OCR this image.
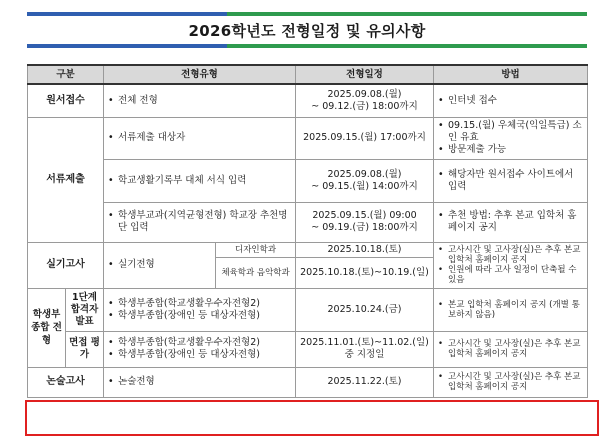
2026학년도 전형일정 및 유의사항
구분		전형유형		전형일정	방법
원서접수		• 전체 전형		2025.09.08.(월)
~ 09.12.(금) 18:00까지	• 인터넷 접수

서류제출		• 서류제출 대상자		2025.09.15.(월) 17:00까지	• 09.15.(월) 우체국(익일특급) 소인 유효
• 방문제출 가능

		• 학교생활기록부 대체 서식 입력		2025.09.08.(월)
~ 09.15.(월) 14:00까지	• 해당자만 원서접수 사이트에서 입력

		• 학생부교과(지역균형전형) 학교장 추천명단 입력		2025.09.15.(월) 09:00
~ 09.19.(금) 18:00까지	• 추천 방법: 추후 본교 입학처 홈페이지 공지

실기고사		• 실기전형	디자인학과	2025.10.18.(토)	• 고사시간 및 고사장(실)은 추후 본교 입학처 홈페이지 공지
• 인원에 따라 고사 일정이 단축될 수 있음

			체육학과 음악학과	2025.10.18.(토)~10.19.(일)	
학생부 종합 전형	1단계 합격자 발표	• 학생부종합(학교생활우수자전형2)
• 학생부종합(장애인 등 대상자전형)		2025.10.24.(금)	• 본교 입학처 홈페이지 공지 (개별 통보하지 않음)

	면접 평가	• 학생부종합(학교생활우수자전형2)
• 학생부종합(장애인 등 대상자전형)		2025.11.01.(토)~11.02.(일)
중 지정일	• 고사시간 및 고사장(실)은 추후 본교 입학처 홈페이지 공지

논술고사		• 논술전형		2025.11.22.(토)	• 고사시간 및 고사장(실)은 추후 본교 입학처 홈페이지 공지
